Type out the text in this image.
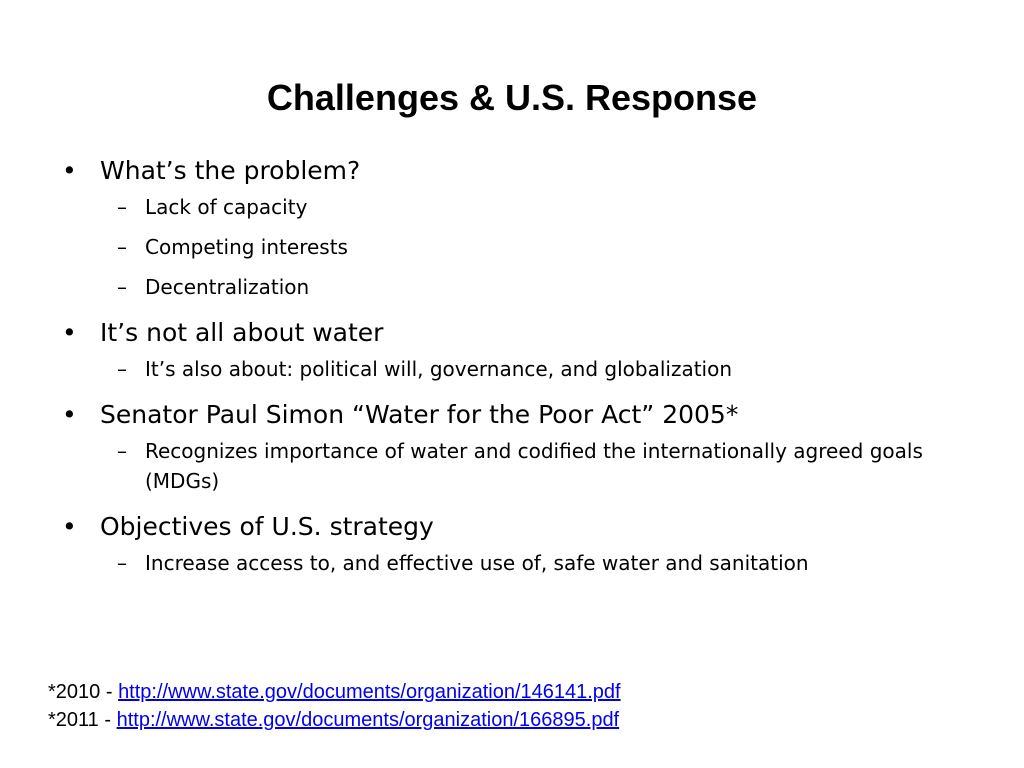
Challenges & U.S. Response

• What’s the problem?

– Lack of capacity

– Competing interests

– Decentralization

• It’s not all about water

– It’s also about: political will, governance, and globalization

• Senator Paul Simon “Water for the Poor Act” 2005*

– Recognizes importance of water and codified the internationally agreed goals (MDGs)

• Objectives of U.S. strategy

– Increase access to, and effective use of, safe water and sanitation

*2010 - http://www.state.gov/documents/organization/146141.pdf
*2011 - http://www.state.gov/documents/organization/166895.pdf
